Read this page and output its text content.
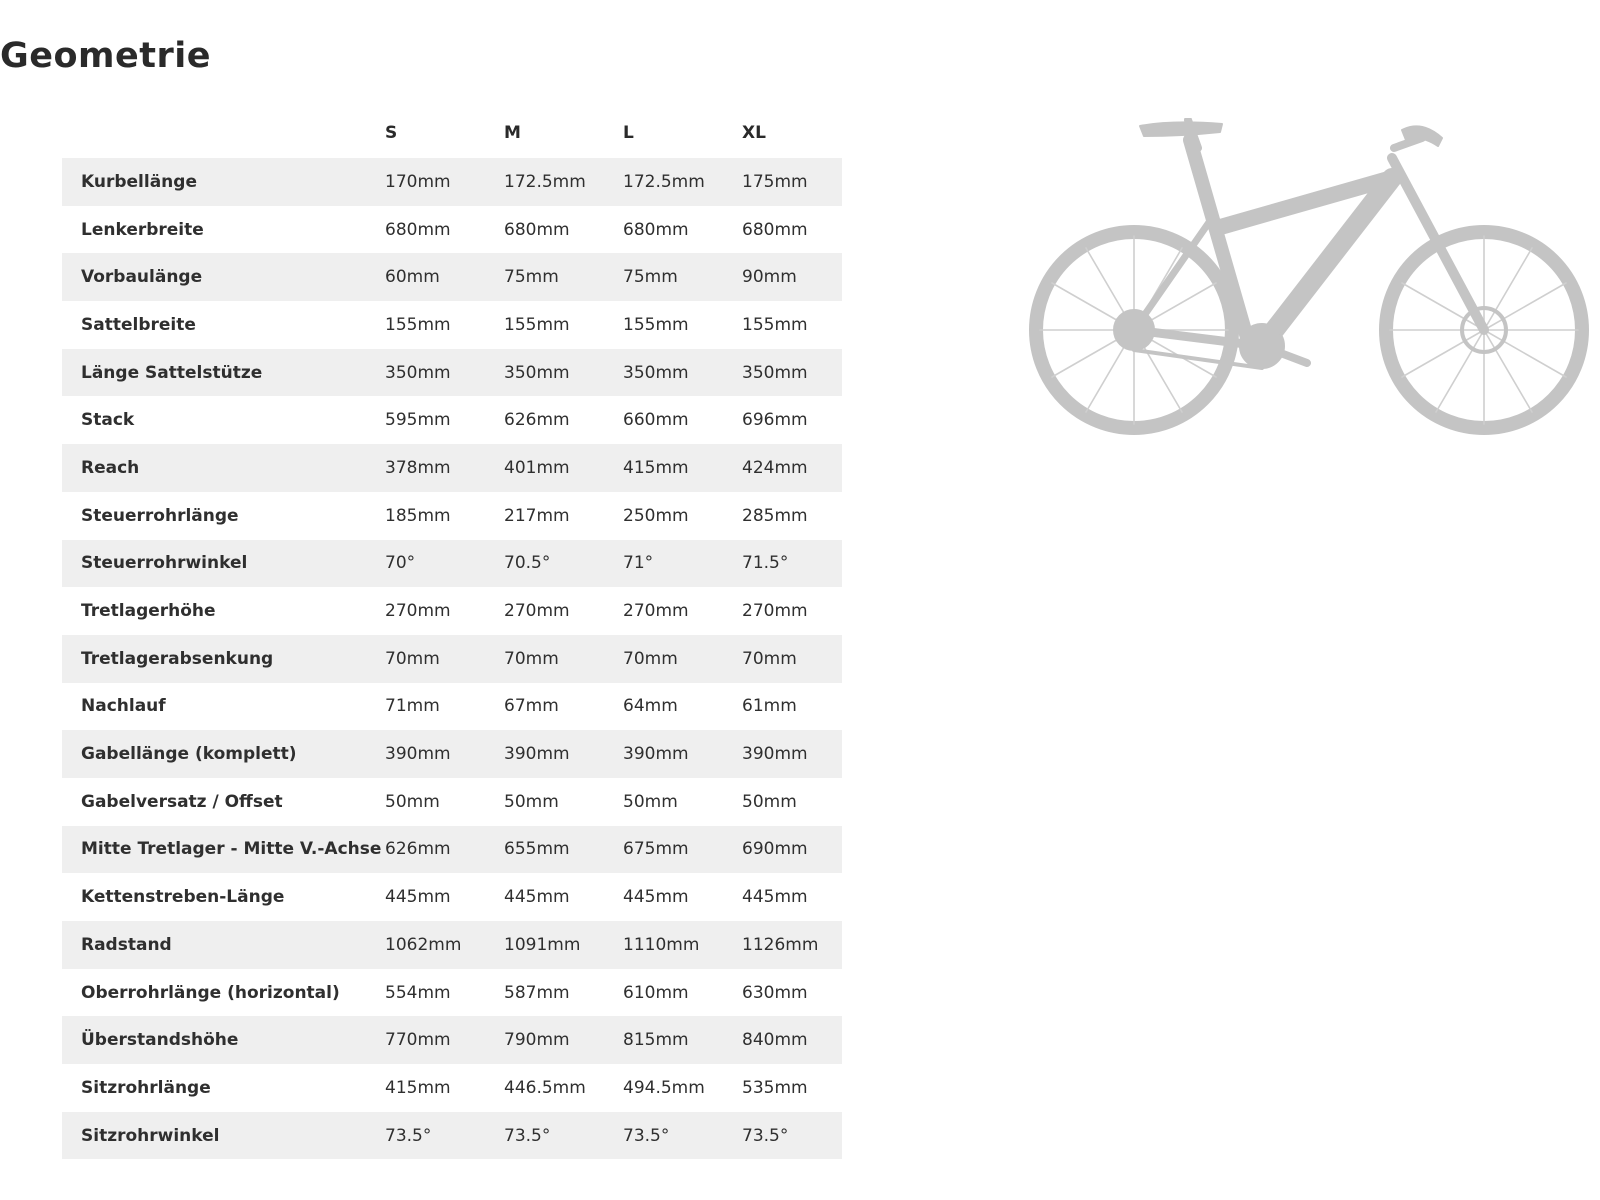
Geometrie
	S	M	L	XL
Kurbellänge	170mm	172.5mm	172.5mm	175mm
Lenkerbreite	680mm	680mm	680mm	680mm
Vorbaulänge	60mm	75mm	75mm	90mm
Sattelbreite	155mm	155mm	155mm	155mm
Länge Sattelstütze	350mm	350mm	350mm	350mm
Stack	595mm	626mm	660mm	696mm
Reach	378mm	401mm	415mm	424mm
Steuerrohrlänge	185mm	217mm	250mm	285mm
Steuerrohrwinkel	70°	70.5°	71°	71.5°
Tretlagerhöhe	270mm	270mm	270mm	270mm
Tretlagerabsenkung	70mm	70mm	70mm	70mm
Nachlauf	71mm	67mm	64mm	61mm
Gabellänge (komplett)	390mm	390mm	390mm	390mm
Gabelversatz / Offset	50mm	50mm	50mm	50mm
Mitte Tretlager - Mitte V.-Achse	626mm	655mm	675mm	690mm
Kettenstreben-Länge	445mm	445mm	445mm	445mm
Radstand	1062mm	1091mm	1110mm	1126mm
Oberrohrlänge (horizontal)	554mm	587mm	610mm	630mm
Überstandshöhe	770mm	790mm	815mm	840mm
Sitzrohrlänge	415mm	446.5mm	494.5mm	535mm
Sitzrohrwinkel	73.5°	73.5°	73.5°	73.5°
